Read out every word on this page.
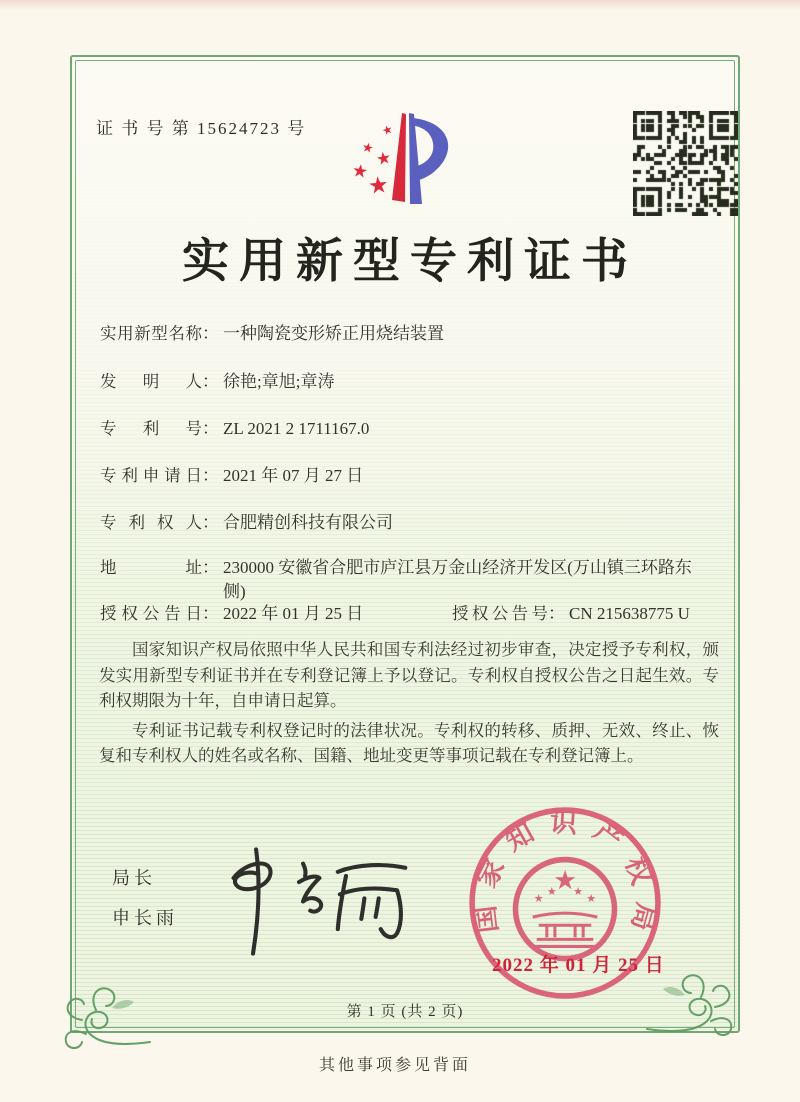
证 书 号 第 15624723 号	★
★
★
★
★
实用新型专利证书
实用新型名称： 一种陶瓷变形矫正用烧结装置
发明人： 徐艳;章旭;章涛
专利号： ZL 2021 2 1711167.0
专利申请日： 2021 年 07 月 27 日
专利权人： 合肥精创科技有限公司
地址： 230000 安徽省合肥市庐江县万金山经济开发区(万山镇三环路东侧)
授权公告日： 2022 年 01 月 25 日	授权公告号： CN 215638775 U

国家知识产权局依照中华人民共和国专利法经过初步审查，决定授予专利权，颁发实用新型专利证书并在专利登记簿上予以登记。专利权自授权公告之日起生效。专利权期限为十年，自申请日起算。

专利证书记载专利权登记时的法律状况。专利权的转移、质押、无效、终止、恢复和专利权人的姓名或名称、国籍、地址变更等事项记载在专利登记簿上。

局长
申长雨	国家知识产权局
★
★
★ ★
★
2022 年 01 月 25 日
第 1 页 (共 2 页)
其他事项参见背面
